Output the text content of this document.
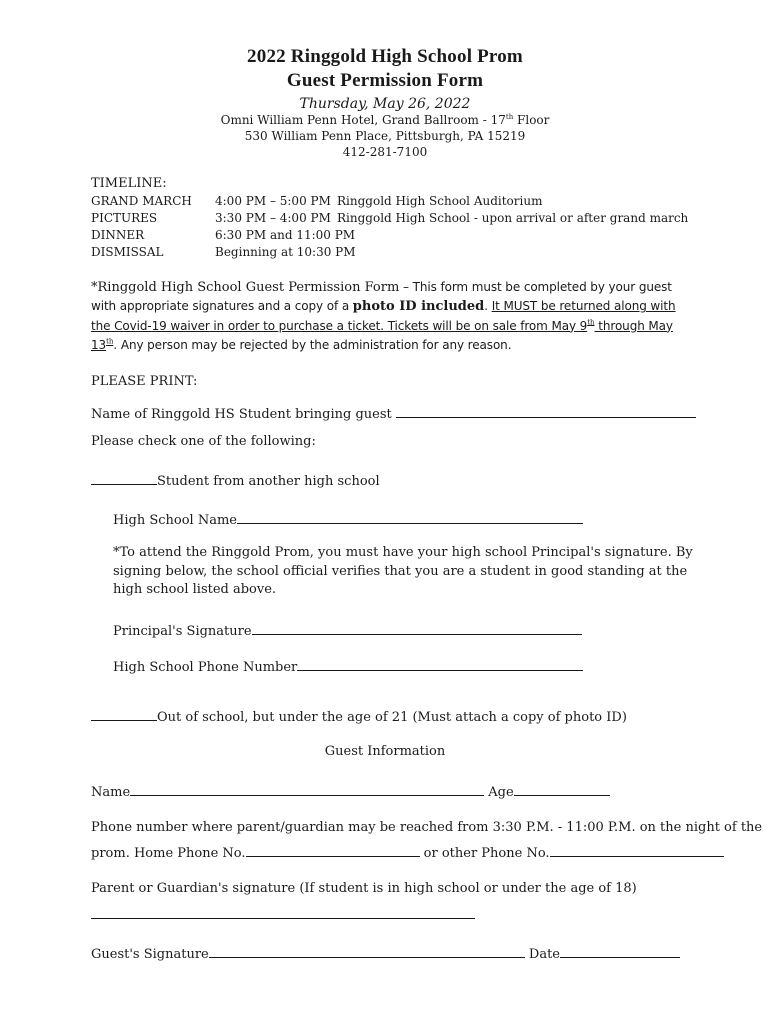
2022 Ringgold High School Prom
Guest Permission Form
Thursday, May 26, 2022
Omni William Penn Hotel, Grand Ballroom - 17th Floor
530 William Penn Place, Pittsburgh, PA 15219
412-281-7100
TIMELINE:
GRAND MARCH 4:00 PM – 5:00 PM Ringgold High School Auditorium
PICTURES	3:30 PM – 4:00 PM Ringgold High School - upon arrival or after grand march
DINNER	6:30 PM and 11:00 PM
DISMISSAL	Beginning at 10:30 PM
*Ringgold High School Guest Permission Form – This form must be completed by your guest with appropriate signatures and a copy of a photo ID included. It MUST be returned along with the Covid-19 waiver in order to purchase a ticket. Tickets will be on sale from May 9th through May 13th. Any person may be rejected by the administration for any reason.
PLEASE PRINT:
Name of Ringgold HS Student bringing guest
Please check one of the following:
Student from another high school
High School Name
*To attend the Ringgold Prom, you must have your high school Principal's signature. By signing below, the school official verifies that you are a student in good standing at the high school listed above.
Principal's Signature
High School Phone Number
Out of school, but under the age of 21 (Must attach a copy of photo ID)
Guest Information
Name	Age
Phone number where parent/guardian may be reached from 3:30 P.M. - 11:00 P.M. on the night of the
prom. Home Phone No.	or other Phone No.
Parent or Guardian's signature (If student is in high school or under the age of 18)
Guest's Signature	Date
